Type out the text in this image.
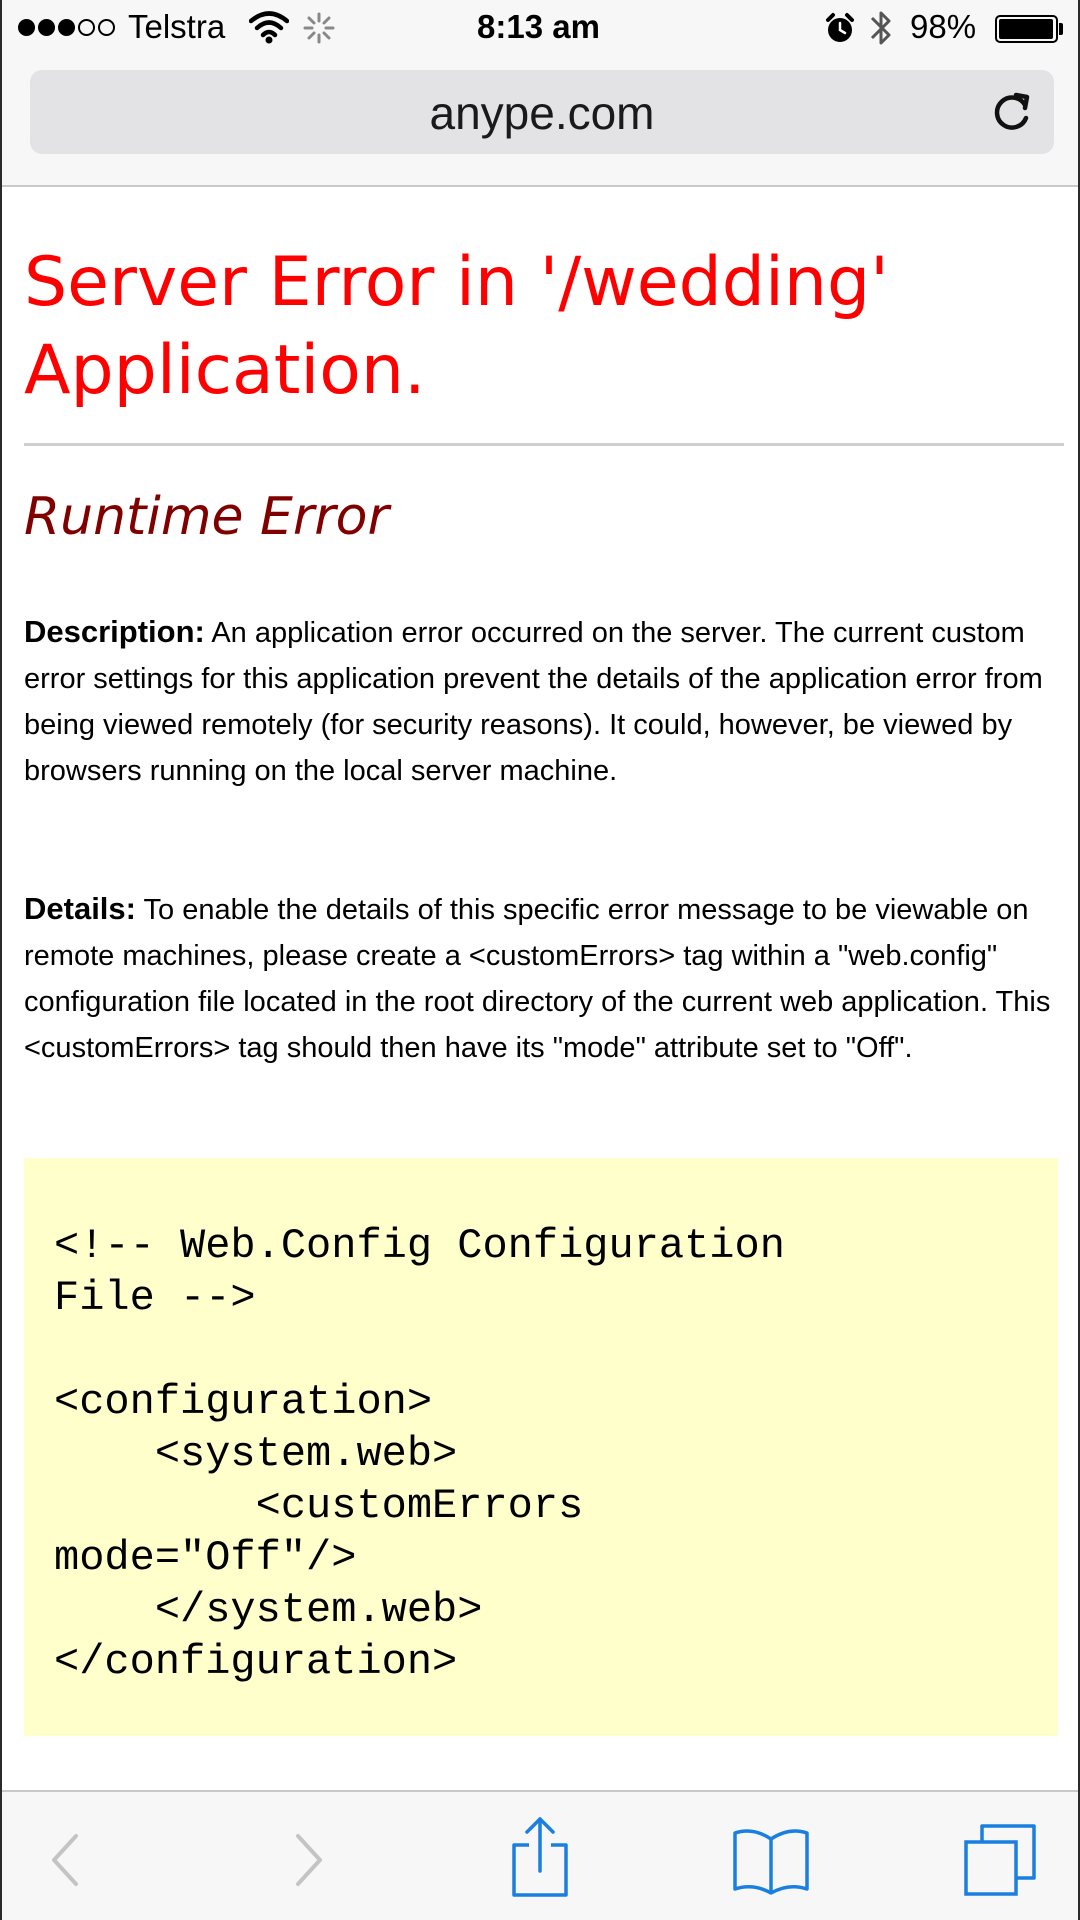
Telstra	8:13 am	98%
anype.com
Server Error in '/wedding' Application.
Runtime Error

Description: An application error occurred on the server. The current custom error settings for this application prevent the details of the application error from being viewed remotely (for security reasons). It could, however, be viewed by browsers running on the local server machine.

Details: To enable the details of this specific error message to be viewable on remote machines, please create a <customErrors> tag within a "web.config" configuration file located in the root directory of the current web application. This <customErrors> tag should then have its "mode" attribute set to "Off".

<!-- Web.Config Configuration
File -->

<configuration>
<system.web>
<customErrors
mode="Off"/>
</system.web>
</configuration>
